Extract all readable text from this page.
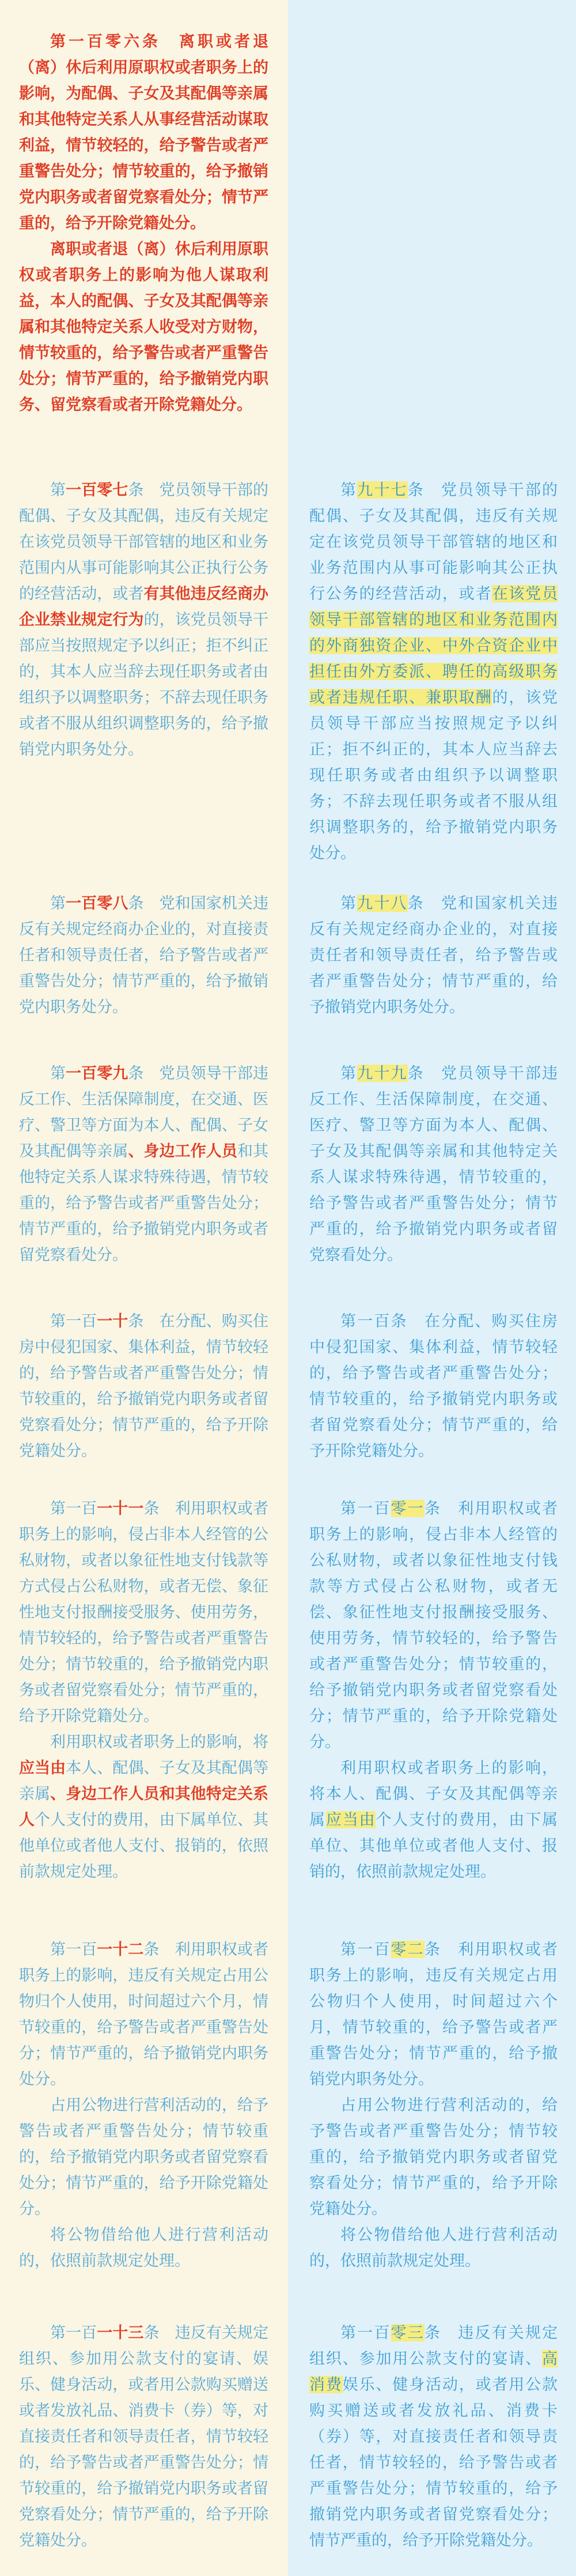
第一百零六条　离职或者退（离）休后利用原职权或者职务上的影响，为配偶、子女及其配偶等亲属和其他特定关系人从事经营活动谋取利益，情节较轻的，给予警告或者严重警告处分；情节较重的，给予撤销党内职务或者留党察看处分；情节严重的，给予开除党籍处分。

离职或者退（离）休后利用原职权或者职务上的影响为他人谋取利益，本人的配偶、子女及其配偶等亲属和其他特定关系人收受对方财物，情节较重的，给予警告或者严重警告处分；情节严重的，给予撤销党内职务、留党察看或者开除党籍处分。

第一百零七条　党员领导干部的配偶、子女及其配偶，违反有关规定在该党员领导干部管辖的地区和业务范围内从事可能影响其公正执行公务的经营活动，或者有其他违反经商办企业禁业规定行为的，该党员领导干部应当按照规定予以纠正；拒不纠正的，其本人应当辞去现任职务或者由组织予以调整职务；不辞去现任职务或者不服从组织调整职务的，给予撤销党内职务处分。

第一百零八条　党和国家机关违反有关规定经商办企业的，对直接责任者和领导责任者，给予警告或者严重警告处分；情节严重的，给予撤销党内职务处分。

第一百零九条　党员领导干部违反工作、生活保障制度，在交通、医疗、警卫等方面为本人、配偶、子女及其配偶等亲属、身边工作人员和其他特定关系人谋求特殊待遇，情节较重的，给予警告或者严重警告处分；情节严重的，给予撤销党内职务或者留党察看处分。

第一百一十条　在分配、购买住房中侵犯国家、集体利益，情节较轻的，给予警告或者严重警告处分；情节较重的，给予撤销党内职务或者留党察看处分；情节严重的，给予开除党籍处分。

第一百一十一条　利用职权或者职务上的影响，侵占非本人经管的公私财物，或者以象征性地支付钱款等方式侵占公私财物，或者无偿、象征性地支付报酬接受服务、使用劳务，情节较轻的，给予警告或者严重警告处分；情节较重的，给予撤销党内职务或者留党察看处分；情节严重的，给予开除党籍处分。

利用职权或者职务上的影响，将应当由本人、配偶、子女及其配偶等亲属、身边工作人员和其他特定关系人个人支付的费用，由下属单位、其他单位或者他人支付、报销的，依照前款规定处理。

第一百一十二条　利用职权或者职务上的影响，违反有关规定占用公物归个人使用，时间超过六个月，情节较重的，给予警告或者严重警告处分；情节严重的，给予撤销党内职务处分。

占用公物进行营利活动的，给予警告或者严重警告处分；情节较重的，给予撤销党内职务或者留党察看处分；情节严重的，给予开除党籍处分。

将公物借给他人进行营利活动的，依照前款规定处理。

第一百一十三条　违反有关规定组织、参加用公款支付的宴请、娱乐、健身活动，或者用公款购买赠送或者发放礼品、消费卡（券）等，对直接责任者和领导责任者，情节较轻的，给予警告或者严重警告处分；情节较重的，给予撤销党内职务或者留党察看处分；情节严重的，给予开除党籍处分。

第九十七条　党员领导干部的配偶、子女及其配偶，违反有关规定在该党员领导干部管辖的地区和业务范围内从事可能影响其公正执行公务的经营活动，或者在该党员领导干部管辖的地区和业务范围内的外商独资企业、中外合资企业中担任由外方委派、聘任的高级职务或者违规任职、兼职取酬的，该党员领导干部应当按照规定予以纠正；拒不纠正的，其本人应当辞去现任职务或者由组织予以调整职务；不辞去现任职务或者不服从组织调整职务的，给予撤销党内职务处分。

第九十八条　党和国家机关违反有关规定经商办企业的，对直接责任者和领导责任者，给予警告或者严重警告处分；情节严重的，给予撤销党内职务处分。

第九十九条　党员领导干部违反工作、生活保障制度，在交通、医疗、警卫等方面为本人、配偶、子女及其配偶等亲属和其他特定关系人谋求特殊待遇，情节较重的，给予警告或者严重警告处分；情节严重的，给予撤销党内职务或者留党察看处分。

第一百条　在分配、购买住房中侵犯国家、集体利益，情节较轻的，给予警告或者严重警告处分；情节较重的，给予撤销党内职务或者留党察看处分；情节严重的，给予开除党籍处分。

第一百零一条　利用职权或者职务上的影响，侵占非本人经管的公私财物，或者以象征性地支付钱款等方式侵占公私财物，或者无偿、象征性地支付报酬接受服务、使用劳务，情节较轻的，给予警告或者严重警告处分；情节较重的，给予撤销党内职务或者留党察看处分；情节严重的，给予开除党籍处分。

利用职权或者职务上的影响，将本人、配偶、子女及其配偶等亲属应当由个人支付的费用，由下属单位、其他单位或者他人支付、报销的，依照前款规定处理。

第一百零二条　利用职权或者职务上的影响，违反有关规定占用公物归个人使用，时间超过六个月，情节较重的，给予警告或者严重警告处分；情节严重的，给予撤销党内职务处分。

占用公物进行营利活动的，给予警告或者严重警告处分；情节较重的，给予撤销党内职务或者留党察看处分；情节严重的，给予开除党籍处分。

将公物借给他人进行营利活动的，依照前款规定处理。

第一百零三条　违反有关规定组织、参加用公款支付的宴请、高消费娱乐、健身活动，或者用公款购买赠送或者发放礼品、消费卡（券）等，对直接责任者和领导责任者，情节较轻的，给予警告或者严重警告处分；情节较重的，给予撤销党内职务或者留党察看处分；情节严重的，给予开除党籍处分。
